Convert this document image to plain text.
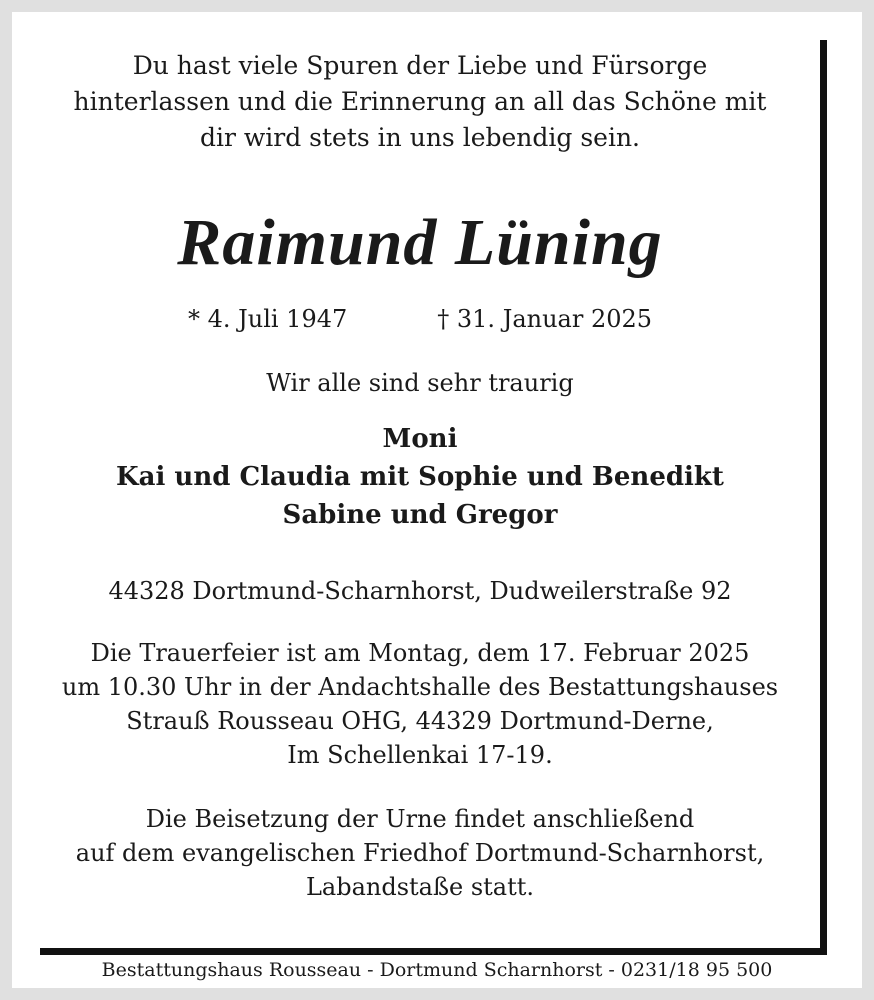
Du hast viele Spuren der Liebe und Fürsorge
hinterlassen und die Erinnerung an all das Schöne mit
dir wird stets in uns lebendig sein.
Raimund Lüning
* 4. Juli 1947	† 31. Januar 2025
Wir alle sind sehr traurig
Moni
Kai und Claudia mit Sophie und Benedikt
Sabine und Gregor
44328 Dortmund-Scharnhorst, Dudweilerstraße 92
Die Trauerfeier ist am Montag, dem 17. Februar 2025
um 10.30 Uhr in der Andachtshalle des Bestattungshauses
Strauß Rousseau OHG, 44329 Dortmund-Derne,
Im Schellenkai 17-19.
Die Beisetzung der Urne findet anschließend
auf dem evangelischen Friedhof Dortmund-Scharnhorst,
Labandstaße statt.
Bestattungshaus Rousseau - Dortmund Scharnhorst - 0231/18 95 500
